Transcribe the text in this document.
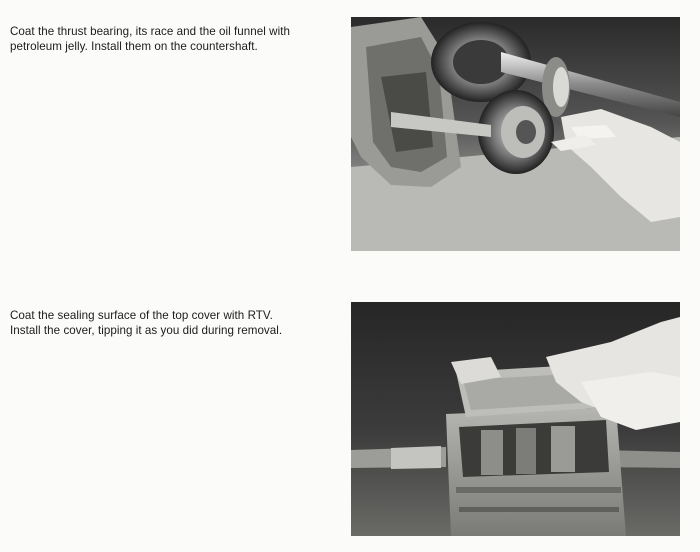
Coat the thrust bearing, its race and the oil funnel with petroleum jelly. Install them on the countershaft.

Coat the sealing surface of the top cover with RTV. Install the cover, tipping it as you did during removal.
